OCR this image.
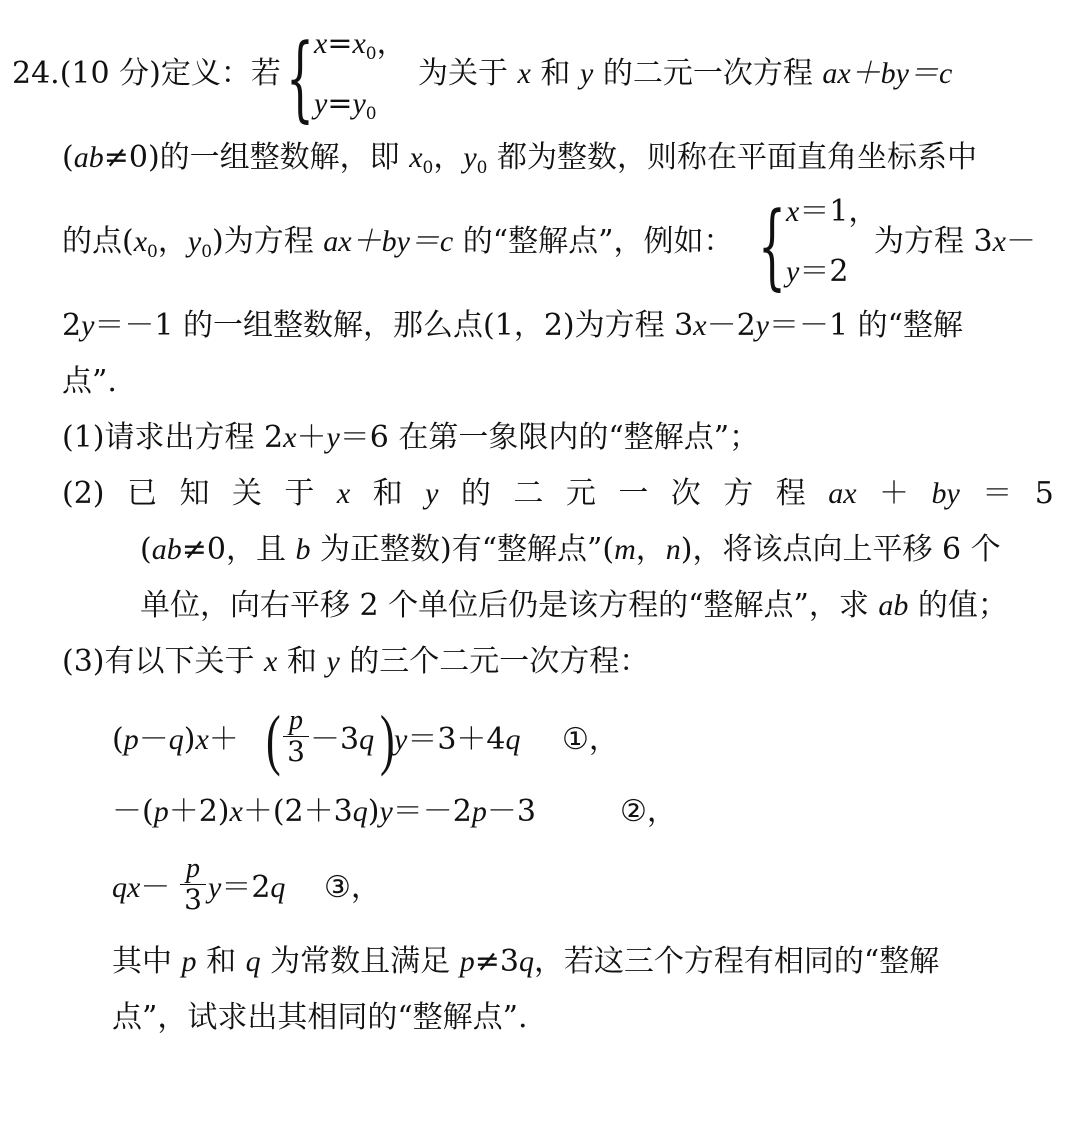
24.(10 分)定义：若 { $x=x_0$，
$y=y_0$
为关于 x 和 y 的二元一次方程 ax＋by＝c
(ab≠0)的一组整数解，即 $x_0$，$y_0$ 都为整数，则称在平面直角坐标系中
的点($x_0$，$y_0$)为方程 ax＋by＝c 的“整解点”，例如： { x＝1，
y＝2
为方程 3x－
2y＝－1 的一组整数解，那么点(1，2)为方程 3x－2y＝－1 的“整解
点”.
(1)请求出方程 2x＋y＝6 在第一象限内的“整解点”；
(2) 已 知 关 于 x 和 y 的 二 元 一 次 方 程 ax ＋ by ＝ 5
(ab≠0，且 b 为正整数)有“整解点”(m，n)，将该点向上平移 6 个
单位，向右平移 2 个单位后仍是该方程的“整解点”，求 ab 的值；
(3)有以下关于 x 和 y 的三个二元一次方程：
(p－q)x＋ ( $\frac{p}{3} -3q$ ) y＝3＋4q ①，
－(p＋2)x＋(2＋3q)y＝－2p－3	②，
$qx- \frac{p}{3} y=2q$ ③，
其中 p 和 q 为常数且满足 p≠3q，若这三个方程有相同的“整解
点”，试求出其相同的“整解点”.
